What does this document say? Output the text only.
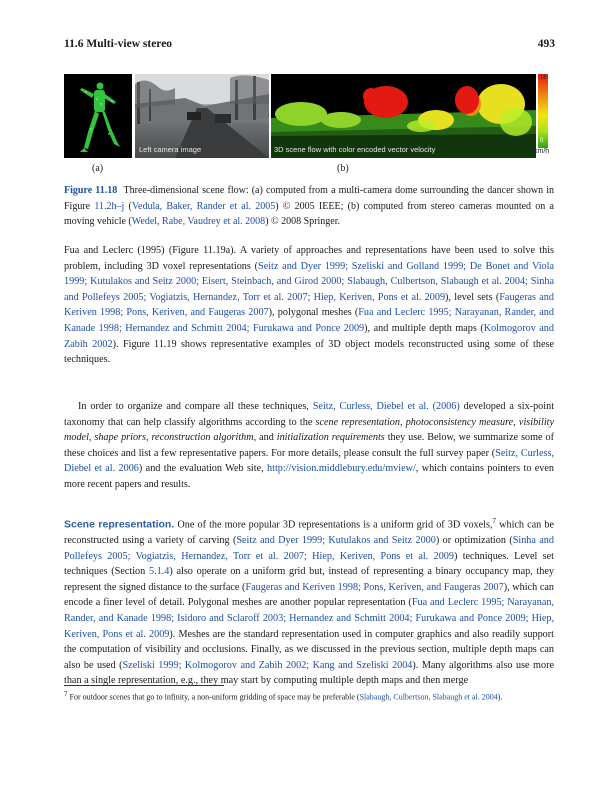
11.6 Multi-view stereo	493
Left camera image	3D scene flow with color encoded vector velocity
16
0
km/h
(a)	(b)
Figure 11.18 Three-dimensional scene flow: (a) computed from a multi-camera dome surrounding the dancer shown in Figure 11.2h–j (Vedula, Baker, Rander et al. 2005) © 2005 IEEE; (b) computed from stereo cameras mounted on a moving vehicle (Wedel, Rabe, Vaudrey et al. 2008) © 2008 Springer.

Fua and Leclerc (1995) (Figure 11.19a). A variety of approaches and representations have been used to solve this problem, including 3D voxel representations (Seitz and Dyer 1999; Szeliski and Golland 1999; De Bonet and Viola 1999; Kutulakos and Seitz 2000; Eisert, Steinbach, and Girod 2000; Slabaugh, Culbertson, Slabaugh et al. 2004; Sinha and Pollefeys 2005; Vogiatzis, Hernandez, Torr et al. 2007; Hiep, Keriven, Pons et al. 2009), level sets (Faugeras and Keriven 1998; Pons, Keriven, and Faugeras 2007), polygonal meshes (Fua and Leclerc 1995; Narayanan, Rander, and Kanade 1998; Hernandez and Schmitt 2004; Furukawa and Ponce 2009), and multiple depth maps (Kolmogorov and Zabih 2002). Figure 11.19 shows representative examples of 3D object models reconstructed using some of these techniques.

In order to organize and compare all these techniques, Seitz, Curless, Diebel et al. (2006) developed a six-point taxonomy that can help classify algorithms according to the scene representation, photoconsistency measure, visibility model, shape priors, reconstruction algorithm, and initialization requirements they use. Below, we summarize some of these choices and list a few representative papers. For more details, please consult the full survey paper (Seitz, Curless, Diebel et al. 2006) and the evaluation Web site, http://vision.middlebury.edu/mview/, which contains pointers to even more recent papers and results.

Scene representation. One of the more popular 3D representations is a uniform grid of 3D voxels,$^7$ which can be reconstructed using a variety of carving (Seitz and Dyer 1999; Kutulakos and Seitz 2000) or optimization (Sinha and Pollefeys 2005; Vogiatzis, Hernandez, Torr et al. 2007; Hiep, Keriven, Pons et al. 2009) techniques. Level set techniques (Section 5.1.4) also operate on a uniform grid but, instead of representing a binary occupancy map, they represent the signed distance to the surface (Faugeras and Keriven 1998; Pons, Keriven, and Faugeras 2007), which can encode a finer level of detail. Polygonal meshes are another popular representation (Fua and Leclerc 1995; Narayanan, Rander, and Kanade 1998; Isidoro and Sclaroff 2003; Hernandez and Schmitt 2004; Furukawa and Ponce 2009; Hiep, Keriven, Pons et al. 2009). Meshes are the standard representation used in computer graphics and also readily support the computation of visibility and occlusions. Finally, as we discussed in the previous section, multiple depth maps can also be used (Szeliski 1999; Kolmogorov and Zabih 2002; Kang and Szeliski 2004). Many algorithms also use more than a single representation, e.g., they may start by computing multiple depth maps and then merge

$^7$ For outdoor scenes that go to infinity, a non-uniform gridding of space may be preferable (Slabaugh, Culbertson, Slabaugh et al. 2004).
